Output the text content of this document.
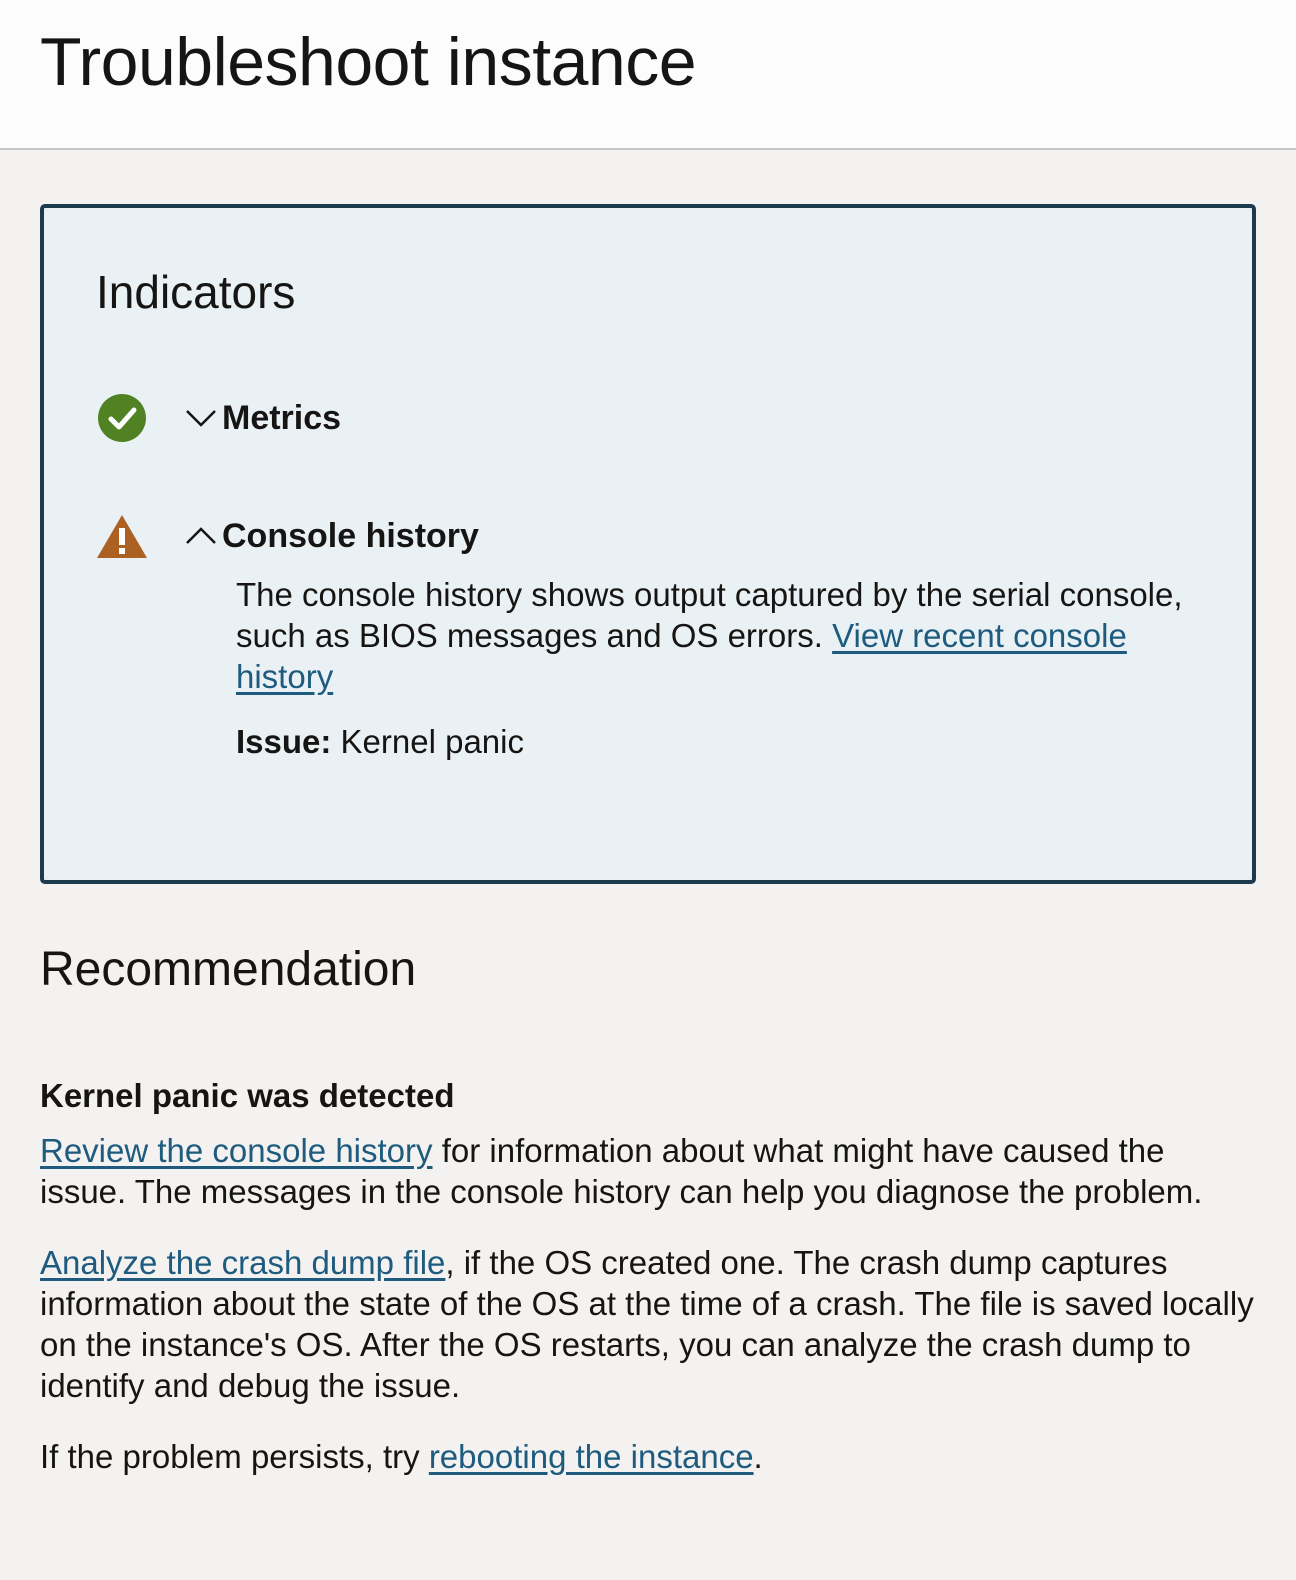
Troubleshoot instance
Indicators
Metrics
Console history

The console history shows output captured by the serial console, such as BIOS messages and OS errors. View recent console history

Issue: Kernel panic

Recommendation
Kernel panic was detected

Review the console history for information about what might have caused the issue. The messages in the console history can help you diagnose the problem.

Analyze the crash dump file, if the OS created one. The crash dump captures information about the state of the OS at the time of a crash. The file is saved locally on the instance's OS. After the OS restarts, you can analyze the crash dump to identify and debug the issue.

If the problem persists, try rebooting the instance.
